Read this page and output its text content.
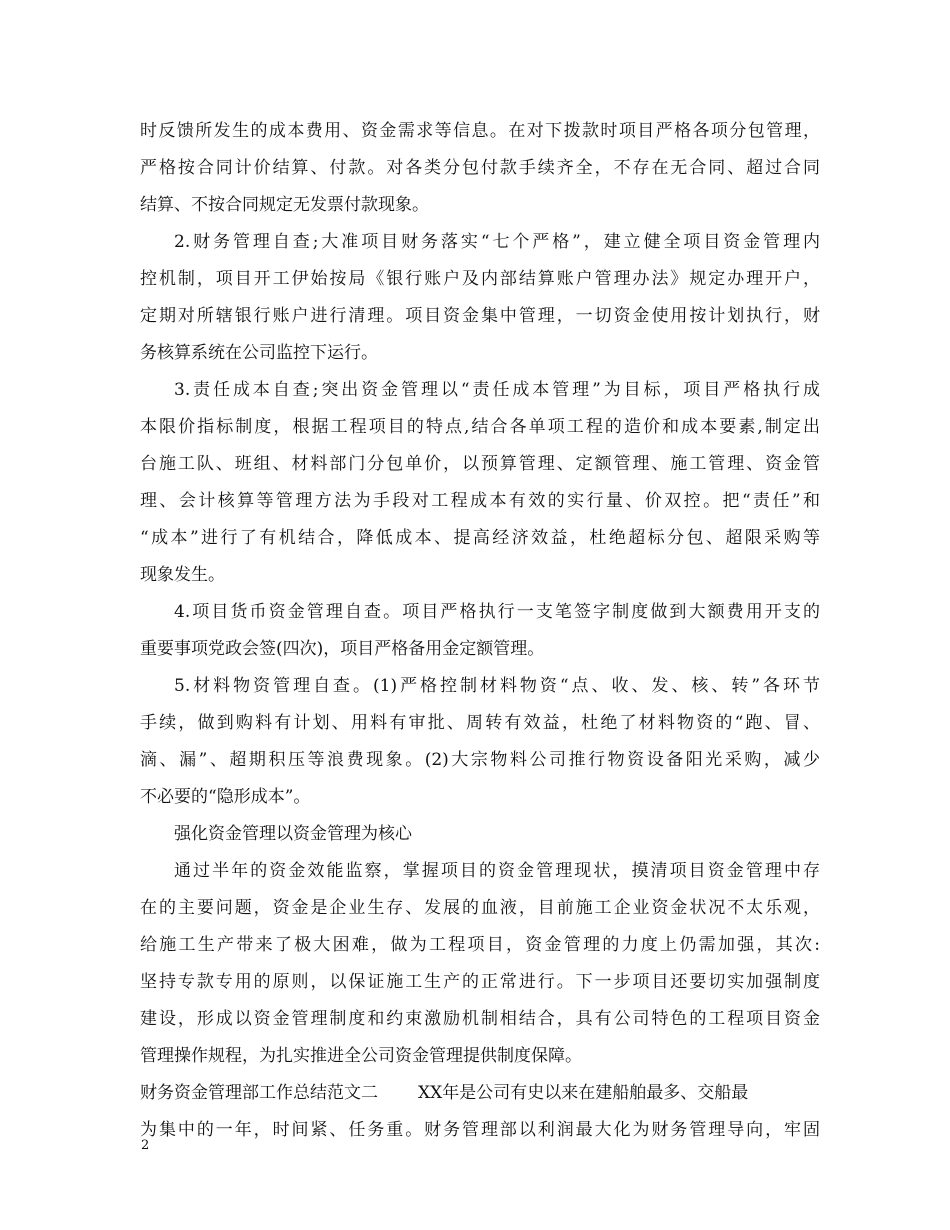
时反馈所发生的成本费用、资金需求等信息。在对下拨款时项目严格各项分包管理，
严格按合同计价结算、付款。对各类分包付款手续齐全，不存在无合同、超过合同
结算、不按合同规定无发票付款现象。
2.财务管理自查;大准项目财务落实“七个严格”，建立健全项目资金管理内
控机制，项目开工伊始按局《银行账户及内部结算账户管理办法》规定办理开户，
定期对所辖银行账户进行清理。项目资金集中管理，一切资金使用按计划执行，财
务核算系统在公司监控下运行。
3.责任成本自查;突出资金管理以“责任成本管理”为目标，项目严格执行成
本限价指标制度，根据工程项目的特点,结合各单项工程的造价和成本要素,制定出
台施工队、班组、材料部门分包单价，以预算管理、定额管理、施工管理、资金管
理、会计核算等管理方法为手段对工程成本有效的实行量、价双控。把“责任”和
“成本”进行了有机结合，降低成本、提高经济效益，杜绝超标分包、超限采购等
现象发生。
4.项目货币资金管理自查。项目严格执行一支笔签字制度做到大额费用开支的
重要事项党政会签(四次)，项目严格备用金定额管理。
5.材料物资管理自查。(1)严格控制材料物资“点、收、发、核、转”各环节
手续，做到购料有计划、用料有审批、周转有效益，杜绝了材料物资的“跑、冒、
滴、漏”、超期积压等浪费现象。(2)大宗物料公司推行物资设备阳光采购，减少
不必要的“隐形成本”。
强化资金管理以资金管理为核心
通过半年的资金效能监察，掌握项目的资金管理现状，摸清项目资金管理中存
在的主要问题，资金是企业生存、发展的血液，目前施工企业资金状况不太乐观，
给施工生产带来了极大困难，做为工程项目，资金管理的力度上仍需加强，其次:
坚持专款专用的原则，以保证施工生产的正常进行。下一步项目还要切实加强制度
建设，形成以资金管理制度和约束激励机制相结合，具有公司特色的工程项目资金
管理操作规程，为扎实推进全公司资金管理提供制度保障。
财务资金管理部工作总结范文二 XX年是公司有史以来在建船舶最多、交船最
为集中的一年，时间紧、任务重。财务管理部以利润最大化为财务管理导向，牢固
2
